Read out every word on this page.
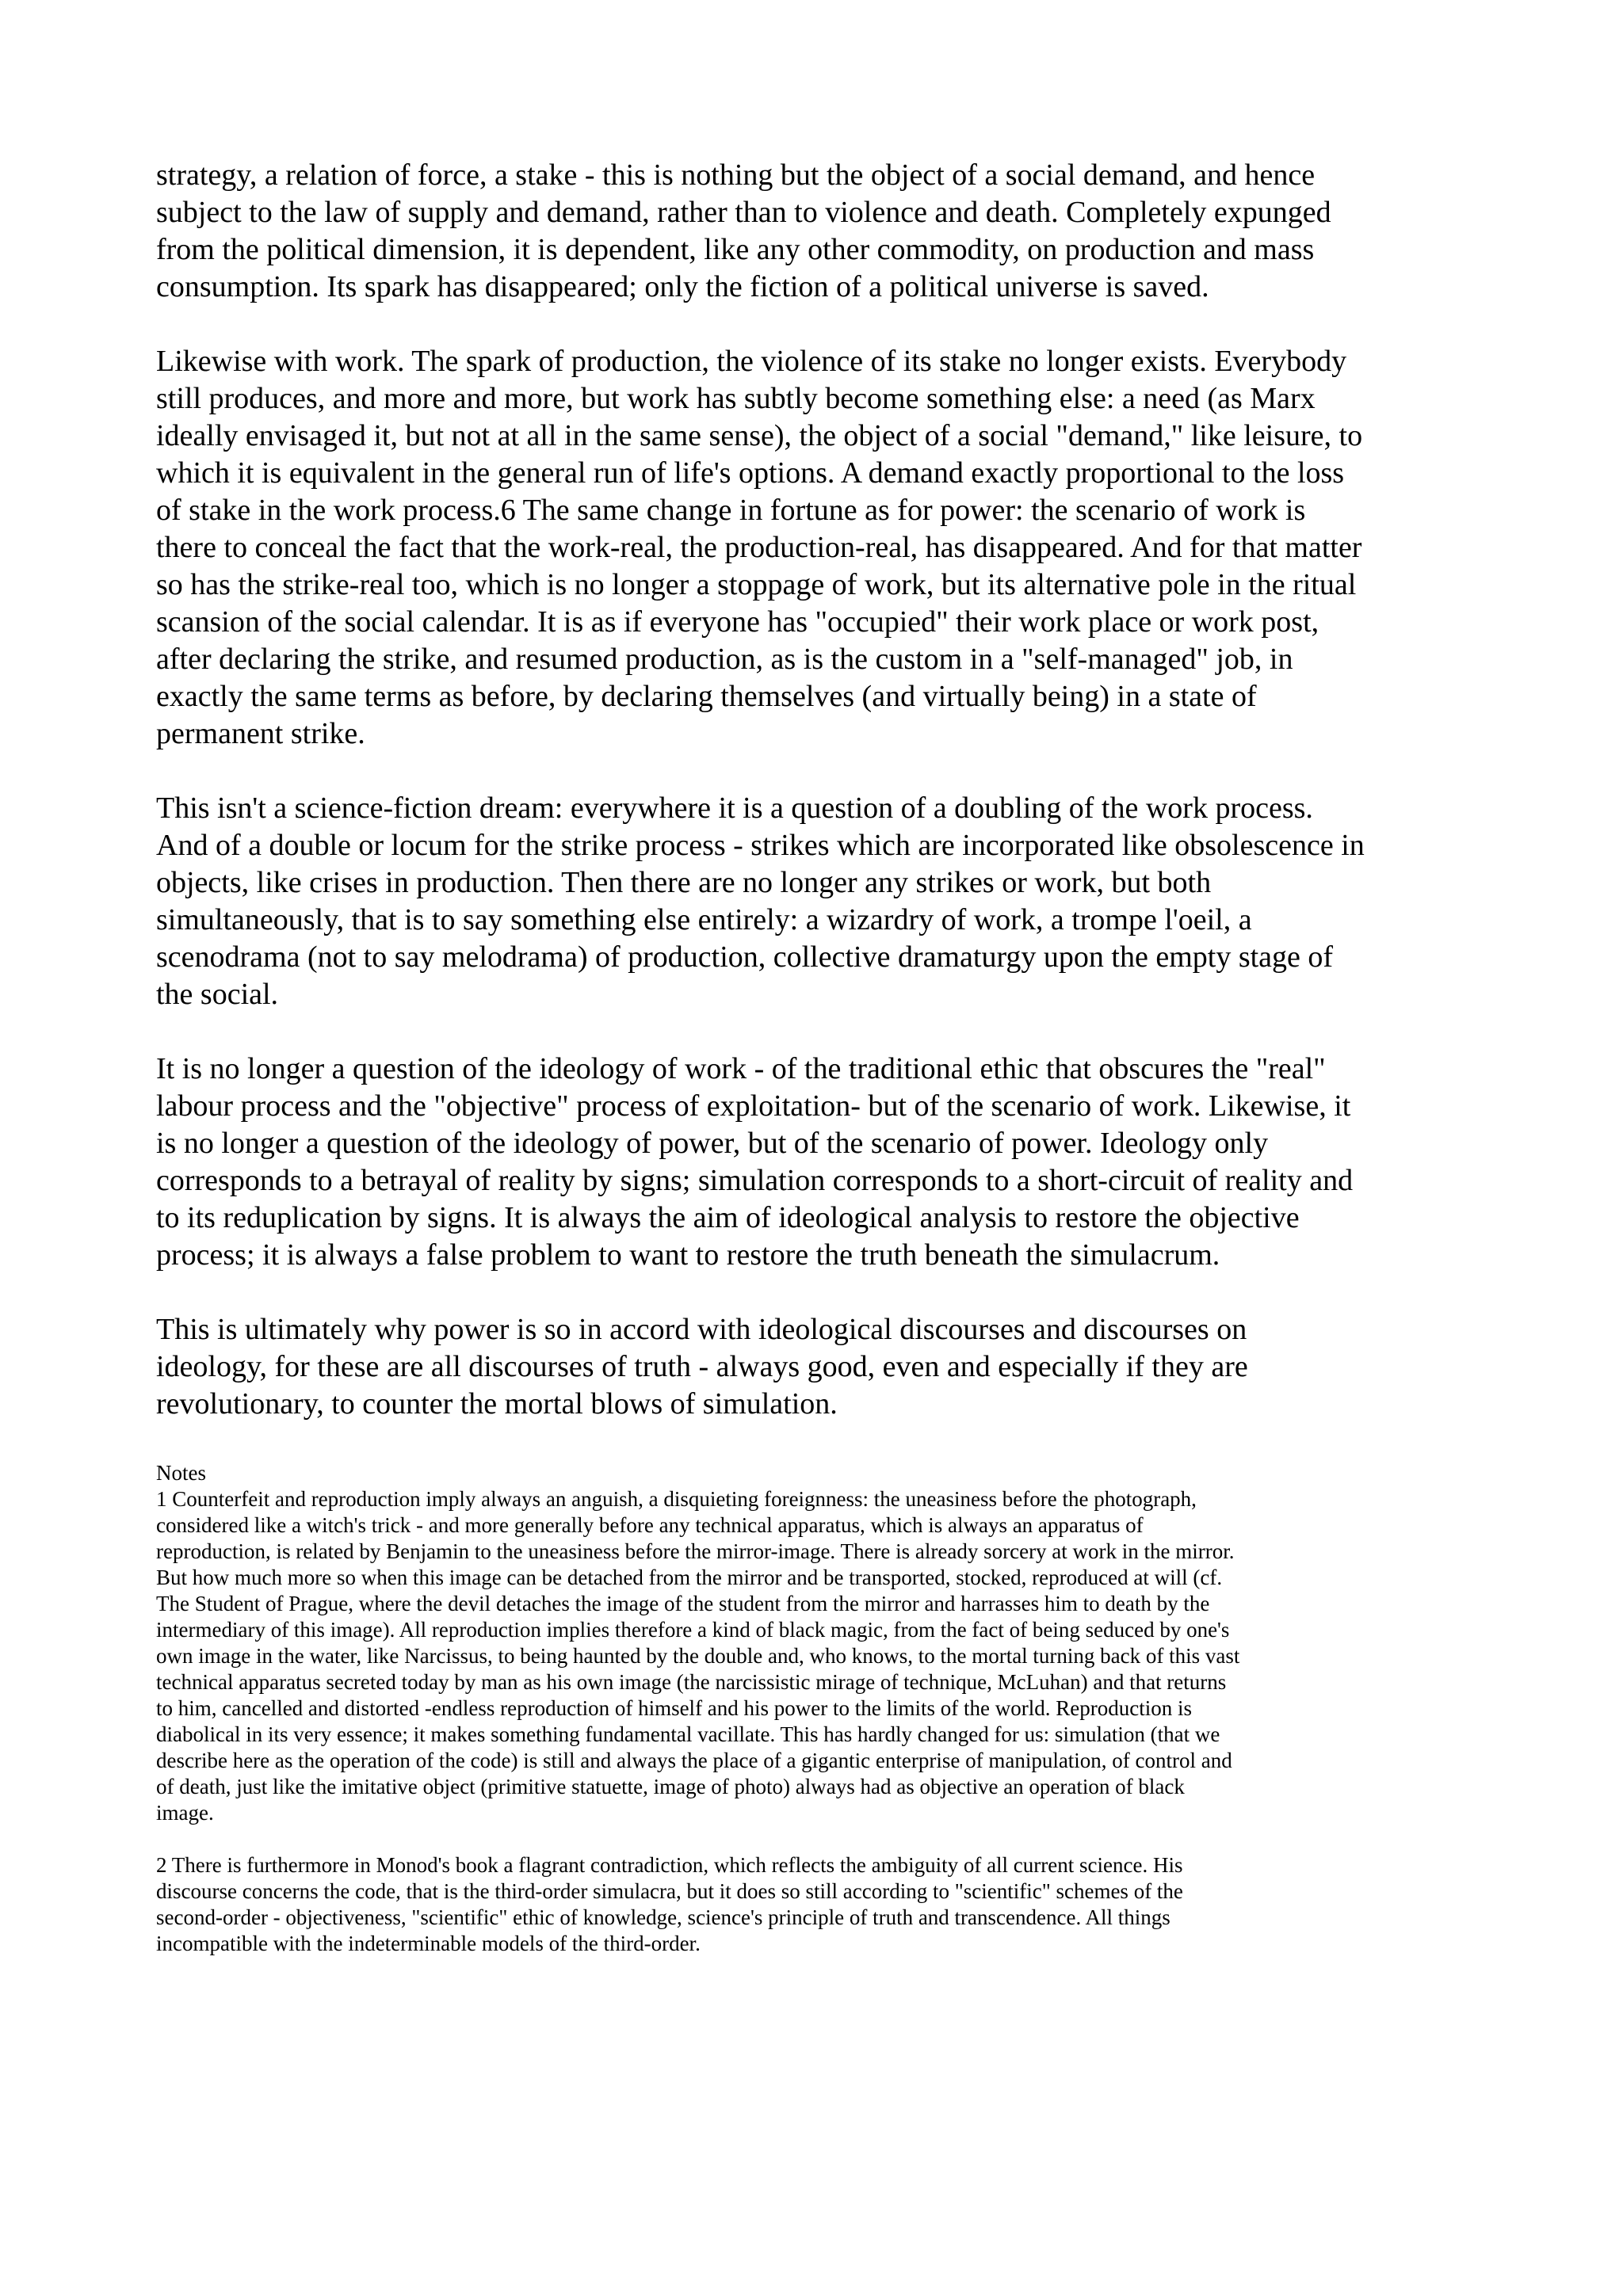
strategy, a relation of force, a stake - this is nothing but the object of a social demand, and hence
subject to the law of supply and demand, rather than to violence and death. Completely expunged
from the political dimension, it is dependent, like any other commodity, on production and mass
consumption. Its spark has disappeared; only the fiction of a political universe is saved.

Likewise with work. The spark of production, the violence of its stake no longer exists. Everybody
still produces, and more and more, but work has subtly become something else: a need (as Marx
ideally envisaged it, but not at all in the same sense), the object of a social "demand," like leisure, to
which it is equivalent in the general run of life's options. A demand exactly proportional to the loss
of stake in the work process.6 The same change in fortune as for power: the scenario of work is
there to conceal the fact that the work-real, the production-real, has disappeared. And for that matter
so has the strike-real too, which is no longer a stoppage of work, but its alternative pole in the ritual
scansion of the social calendar. It is as if everyone has "occupied" their work place or work post,
after declaring the strike, and resumed production, as is the custom in a "self-managed" job, in
exactly the same terms as before, by declaring themselves (and virtually being) in a state of
permanent strike.

This isn't a science-fiction dream: everywhere it is a question of a doubling of the work process.
And of a double or locum for the strike process - strikes which are incorporated like obsolescence in
objects, like crises in production. Then there are no longer any strikes or work, but both
simultaneously, that is to say something else entirely: a wizardry of work, a trompe l'oeil, a
scenodrama (not to say melodrama) of production, collective dramaturgy upon the empty stage of
the social.

It is no longer a question of the ideology of work - of the traditional ethic that obscures the "real"
labour process and the "objective" process of exploitation- but of the scenario of work. Likewise, it
is no longer a question of the ideology of power, but of the scenario of power. Ideology only
corresponds to a betrayal of reality by signs; simulation corresponds to a short-circuit of reality and
to its reduplication by signs. It is always the aim of ideological analysis to restore the objective
process; it is always a false problem to want to restore the truth beneath the simulacrum.

This is ultimately why power is so in accord with ideological discourses and discourses on
ideology, for these are all discourses of truth - always good, even and especially if they are
revolutionary, to counter the mortal blows of simulation.

Notes

1 Counterfeit and reproduction imply always an anguish, a disquieting foreignness: the uneasiness before the photograph,
considered like a witch's trick - and more generally before any technical apparatus, which is always an apparatus of
reproduction, is related by Benjamin to the uneasiness before the mirror-image. There is already sorcery at work in the mirror.
But how much more so when this image can be detached from the mirror and be transported, stocked, reproduced at will (cf.
The Student of Prague, where the devil detaches the image of the student from the mirror and harrasses him to death by the
intermediary of this image). All reproduction implies therefore a kind of black magic, from the fact of being seduced by one's
own image in the water, like Narcissus, to being haunted by the double and, who knows, to the mortal turning back of this vast
technical apparatus secreted today by man as his own image (the narcissistic mirage of technique, McLuhan) and that returns
to him, cancelled and distorted -endless reproduction of himself and his power to the limits of the world. Reproduction is
diabolical in its very essence; it makes something fundamental vacillate. This has hardly changed for us: simulation (that we
describe here as the operation of the code) is still and always the place of a gigantic enterprise of manipulation, of control and
of death, just like the imitative object (primitive statuette, image of photo) always had as objective an operation of black
image.

2 There is furthermore in Monod's book a flagrant contradiction, which reflects the ambiguity of all current science. His
discourse concerns the code, that is the third-order simulacra, but it does so still according to "scientific" schemes of the
second-order - objectiveness, "scientific" ethic of knowledge, science's principle of truth and transcendence. All things
incompatible with the indeterminable models of the third-order.
